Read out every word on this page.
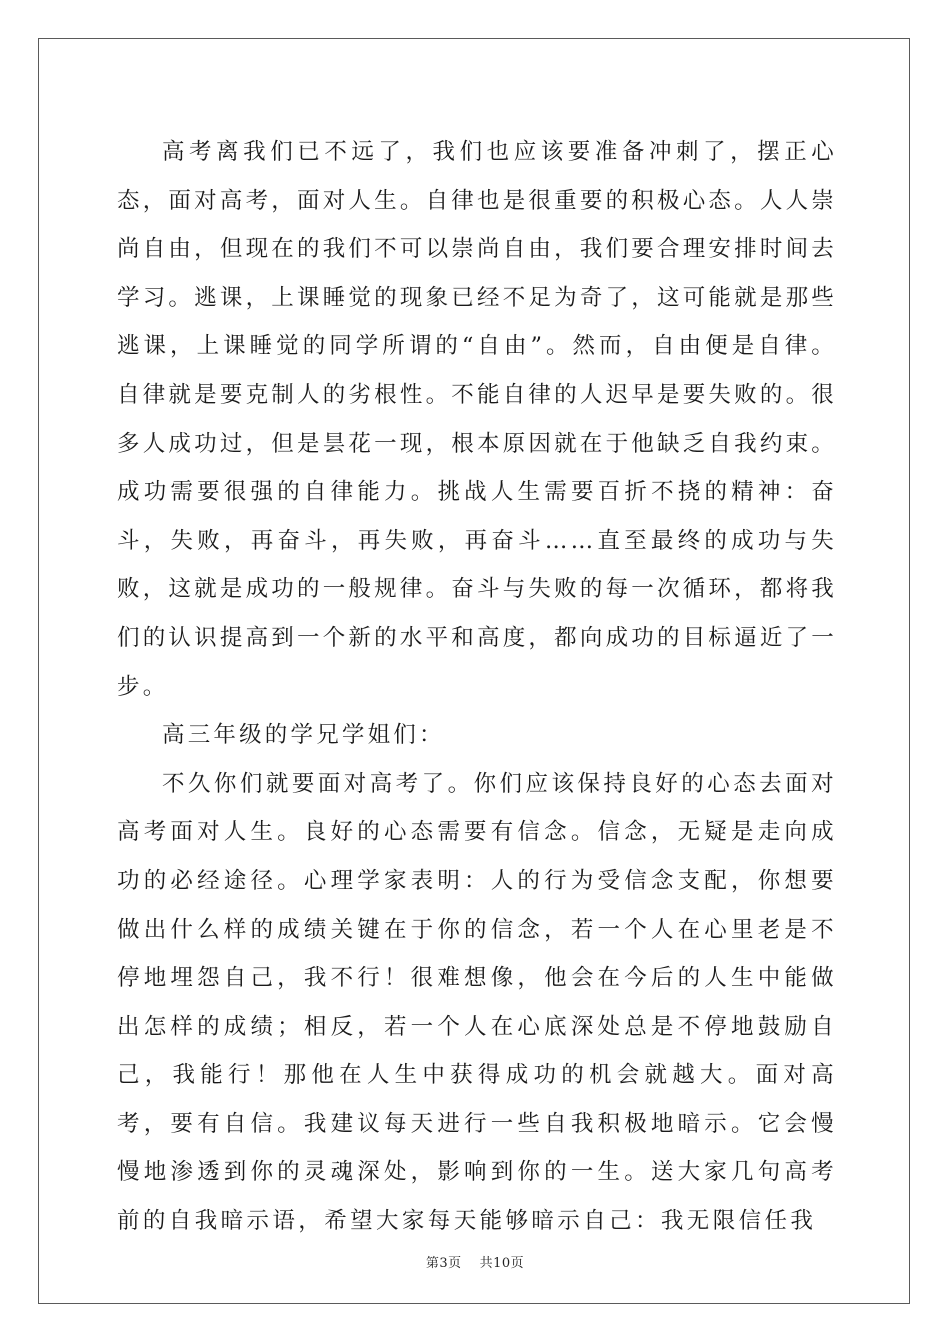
高考离我们已不远了，我们也应该要准备冲刺了，摆正心态，面对高考，面对人生。自律也是很重要的积极心态。人人崇尚自由，但现在的我们不可以崇尚自由，我们要合理安排时间去学习。逃课，上课睡觉的现象已经不足为奇了，这可能就是那些逃课，上课睡觉的同学所谓的“自由”。然而，自由便是自律。自律就是要克制人的劣根性。不能自律的人迟早是要失败的。很多人成功过，但是昙花一现，根本原因就在于他缺乏自我约束。成功需要很强的自律能力。挑战人生需要百折不挠的精神：奋斗，失败，再奋斗，再失败，再奋斗……直至最终的成功与失败，这就是成功的一般规律。奋斗与失败的每一次循环，都将我们的认识提高到一个新的水平和高度，都向成功的目标逼近了一步。

高三年级的学兄学姐们：

不久你们就要面对高考了。你们应该保持良好的心态去面对高考面对人生。良好的心态需要有信念。信念，无疑是走向成功的必经途径。心理学家表明：人的行为受信念支配，你想要做出什么样的成绩关键在于你的信念，若一个人在心里老是不停地埋怨自己，我不行！很难想像，他会在今后的人生中能做出怎样的成绩；相反，若一个人在心底深处总是不停地鼓励自己，我能行！那他在人生中获得成功的机会就越大。面对高考，要有自信。我建议每天进行一些自我积极地暗示。它会慢慢地渗透到你的灵魂深处，影响到你的一生。送大家几句高考前的自我暗示语，希望大家每天能够暗示自己：我无限信任我

第3页 共10页
